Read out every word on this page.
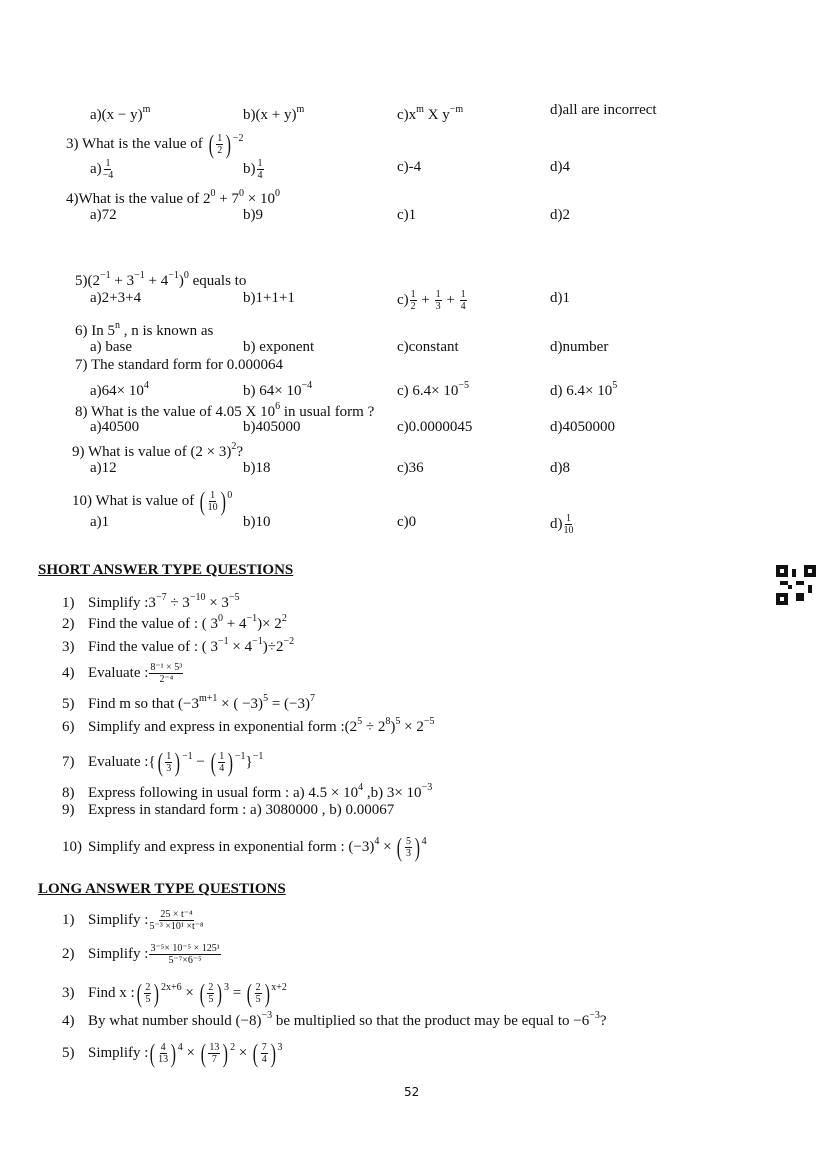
$a)(x - y)^m$	$b)(x + y)^m$	$c)x^m$ X $y^{-m}$	d)all are incorrect
3) What is the value of ( $\frac{1}{2}$ ) $^{-2}$
$a) \frac{1}{-4}$	$b) \frac{1}{4}$	c)-4	d)4
4)What is the value of $2^0 + 7^0 \times 10^0$
a)72	b)9	c)1	d)2
$5)(2^{-1} + 3^{-1} + 4^{-1})^0$ equals to
a)2+3+4	b)1+1+1	$c) \frac{1}{2} + \frac{1}{3} + \frac{1}{4}$	d)1
6) In 5$^n$ , n is known as
a) base	b) exponent	c)constant	d)number
7) The standard form for 0.000064
$a)64\times 10^4$	b) $64\times 10^{-4}$	c) $6.4\times 10^{-5}$	d) $6.4\times 10^5$
8) What is the value of 4.05 X $10^6$ in usual form ?
a)40500	b)405000	c)0.0000045	d)4050000
9) What is value of $(2 \times 3)^2$?
a)12	b)18	c)36	d)8
10) What is value of ( $\frac{1}{10}$ ) $^0$
a)1	b)10	c)0	$d) \frac{1}{10}$
1) Simplify $:3^{-7} \div 3^{-10} \times 3^{-5}$
2) Find the value of : ( $3^0 + 4^{-1})\times 2^2$
3) Find the value of : ( $3^{-1} \times 4^{-1})\div 2^{-2}$
4) Evaluate : $\frac{\text{8⁻¹ × 5³}}{\text{2⁻⁴}}$
5) Find m so that ($-3^{m+1}$ × ( $-3)^5 = (-3)^7$
6) Simplify and express in exponential form $:(2^5 \div 2^8)^5 \times 2^{-5}$
7) Evaluate :{ ( $\frac{1}{3}$ ) $^{-1}$ − ( $\frac{1}{4}$ ) $^{-1}$}$^{-1}$
8) Express following in usual form : a) $4.5 \times 10^4$ ,b) $3\times 10^{-3}$
9) Express in standard form : a) 3080000 , b) 0.00067
10) Simplify and express in exponential form : $(-3)^4$ × ( $\frac{5}{3}$ ) $^4$
1) Simplify : $\frac{\text{25 × t⁻⁴}}{\text{5⁻³ ×10¹ ×t⁻⁸}}$
2) Simplify : $\frac{\text{3⁻⁵× 10⁻⁵ × 125¹}}{\text{5⁻⁷×6⁻⁵}}$
3) Find x : ( $\frac{2}{5}$ ) $^{2x+6}$ × ( $\frac{2}{5}$ ) $^3$ = ( $\frac{2}{5}$ ) $^{x+2}$
4) By what number should $(-8)^{-3}$ be multiplied so that the product may be equal to $-6^{-3}$?
5) Simplify : ( $\frac{4}{13}$ ) $^4$ × ( $\frac{13}{7}$ ) $^2$ × ( $\frac{7}{4}$ ) $^3$
SHORT ANSWER TYPE QUESTIONS
LONG ANSWER TYPE QUESTIONS
52
